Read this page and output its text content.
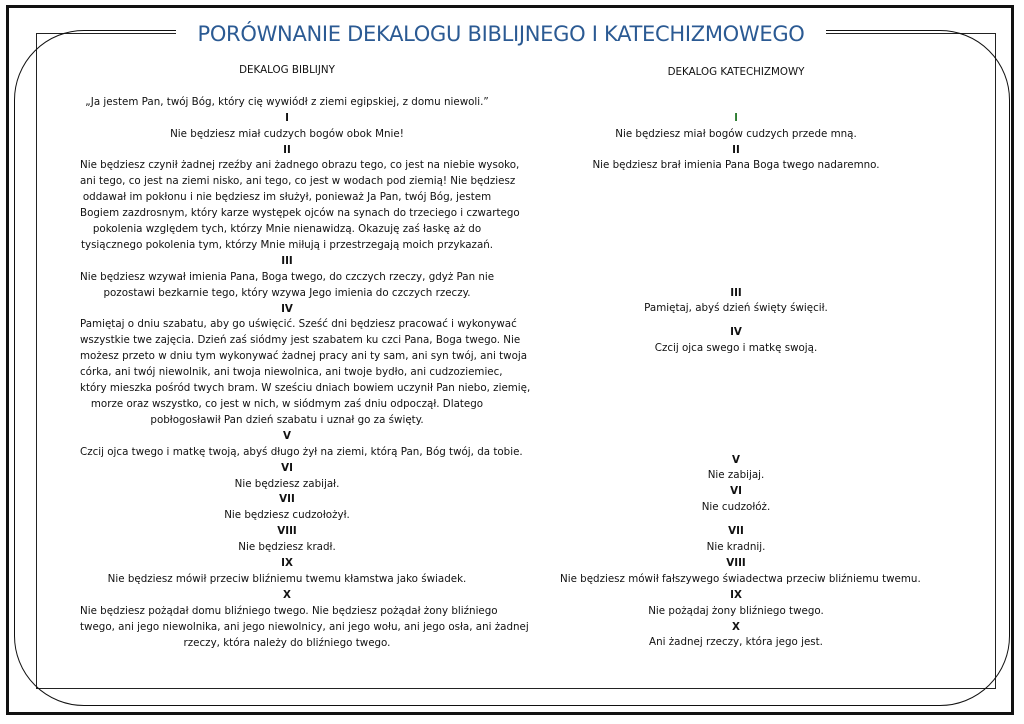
PORÓWNANIE DEKALOGU BIBLIJNEGO I KATECHIZMOWEGO
DEKALOG BIBLIJNY
„Ja jestem Pan, twój Bóg, który cię wywiódł z ziemi egipskiej, z domu niewoli.”
I
Nie będziesz miał cudzych bogów obok Mnie!
II
Nie będziesz czynił żadnej rzeźby ani żadnego obrazu tego, co jest na niebie wysoko,
ani tego, co jest na ziemi nisko, ani tego, co jest w wodach pod ziemią! Nie będziesz
oddawał im pokłonu i nie będziesz im służył, ponieważ Ja Pan, twój Bóg, jestem
Bogiem zazdrosnym, który karze występek ojców na synach do trzeciego i czwartego
pokolenia względem tych, którzy Mnie nienawidzą. Okazuję zaś łaskę aż do
tysiącznego pokolenia tym, którzy Mnie miłują i przestrzegają moich przykazań.
III
Nie będziesz wzywał imienia Pana, Boga twego, do czczych rzeczy, gdyż Pan nie
pozostawi bezkarnie tego, który wzywa Jego imienia do czczych rzeczy.
IV
Pamiętaj o dniu szabatu, aby go uświęcić. Sześć dni będziesz pracować i wykonywać
wszystkie twe zajęcia. Dzień zaś siódmy jest szabatem ku czci Pana, Boga twego. Nie
możesz przeto w dniu tym wykonywać żadnej pracy ani ty sam, ani syn twój, ani twoja
córka, ani twój niewolnik, ani twoja niewolnica, ani twoje bydło, ani cudzoziemiec,
który mieszka pośród twych bram. W sześciu dniach bowiem uczynił Pan niebo, ziemię,
morze oraz wszystko, co jest w nich, w siódmym zaś dniu odpoczął. Dlatego
pobłogosławił Pan dzień szabatu i uznał go za święty.
V
Czcij ojca twego i matkę twoją, abyś długo żył na ziemi, którą Pan, Bóg twój, da tobie.
VI
Nie będziesz zabijał.
VII
Nie będziesz cudzołożył.
VIII
Nie będziesz kradł.
IX
Nie będziesz mówił przeciw bliźniemu twemu kłamstwa jako świadek.
X
Nie będziesz pożądał domu bliźniego twego. Nie będziesz pożądał żony bliźniego
twego, ani jego niewolnika, ani jego niewolnicy, ani jego wołu, ani jego osła, ani żadnej
rzeczy, która należy do bliźniego twego.
DEKALOG KATECHIZMOWY
I
Nie będziesz miał bogów cudzych przede mną.
II
Nie będziesz brał imienia Pana Boga twego nadaremno.
III
Pamiętaj, abyś dzień święty święcił.
IV
Czcij ojca swego i matkę swoją.
V
Nie zabijaj.
VI
Nie cudzołóż.
VII
Nie kradnij.
VIII
Nie będziesz mówił fałszywego świadectwa przeciw bliźniemu twemu.
IX
Nie pożądaj żony bliźniego twego.
X
Ani żadnej rzeczy, która jego jest.
